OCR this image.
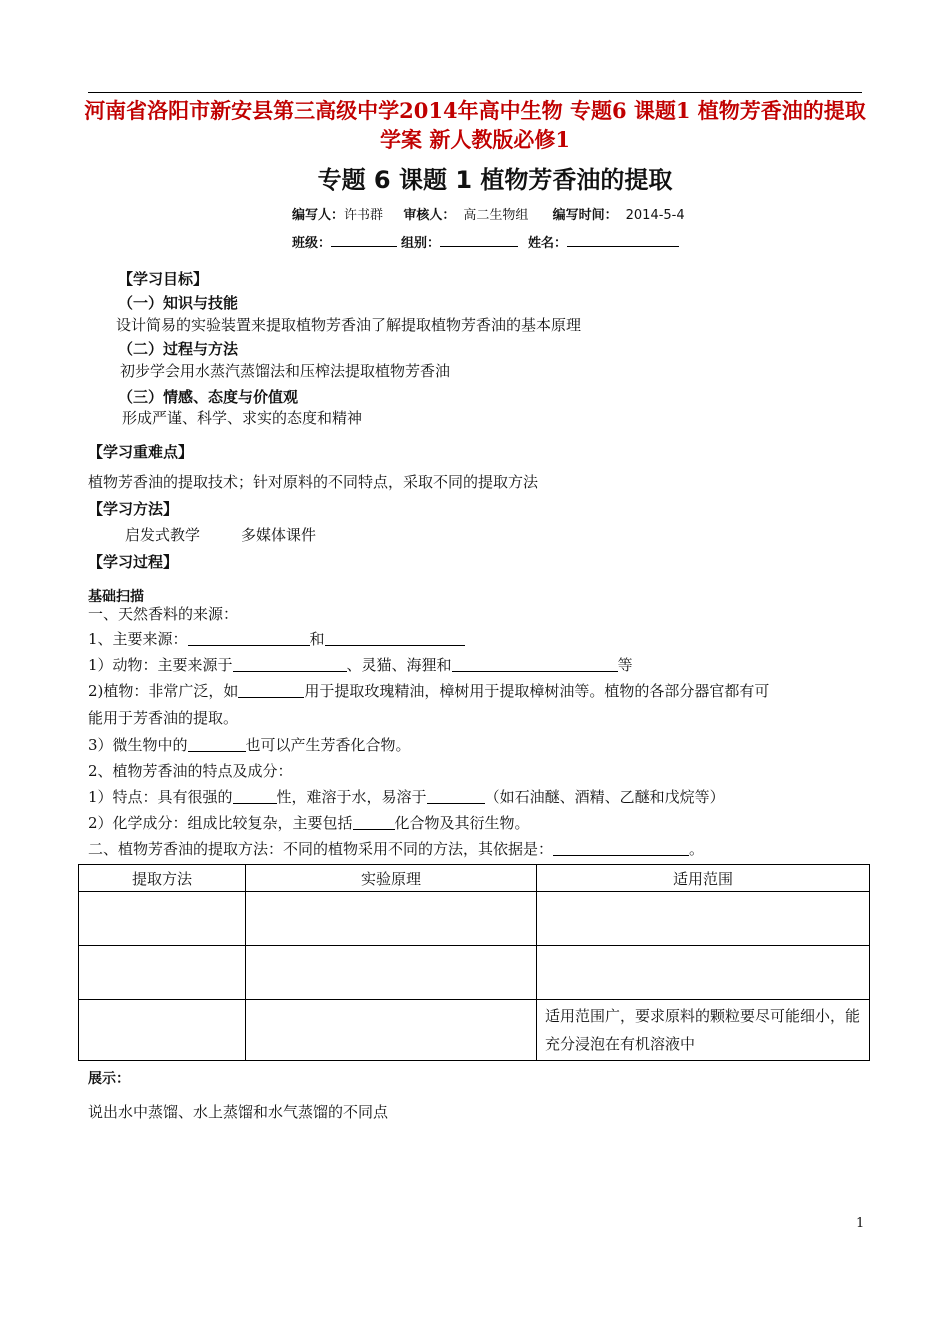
河南省洛阳市新安县第三高级中学2014年高中生物 专题6 课题1 植物芳香油的提取学案 新人教版必修1
专题 6 课题 1 植物芳香油的提取
编写人：许书群 审核人： 高二生物组 编写时间： 2014-5-4
班级：	组别：	姓名：
【学习目标】
（一）知识与技能
设计简易的实验装置来提取植物芳香油了解提取植物芳香油的基本原理
（二）过程与方法
初步学会用水蒸汽蒸馏法和压榨法提取植物芳香油
（三）情感、态度与价值观
形成严谨、科学、求实的态度和精神
【学习重难点】
植物芳香油的提取技术；针对原料的不同特点，采取不同的提取方法
【学习方法】
启发式教学	多媒体课件
【学习过程】
基础扫描
一、天然香料的来源：
1、主要来源：	和
1）动物：主要来源于	、灵猫、海狸和	等
2)植物：非常广泛，如	用于提取玫瑰精油，樟树用于提取樟树油等。植物的各部分器官都有可
能用于芳香油的提取。
3）微生物中的	也可以产生芳香化合物。
2、植物芳香油的特点及成分：
1）特点：具有很强的	性，难溶于水，易溶于	（如石油醚、酒精、乙醚和戊烷等）
2）化学成分：组成比较复杂，主要包括	化合物及其衍生物。
二、植物芳香油的提取方法：不同的植物采用不同的方法，其依据是：	。
提取方法	实验原理	适用范围

		适用范围广，要求原料的颗粒要尽可能细小，能充分浸泡在有机溶液中
展示：
说出水中蒸馏、水上蒸馏和水气蒸馏的不同点
1
